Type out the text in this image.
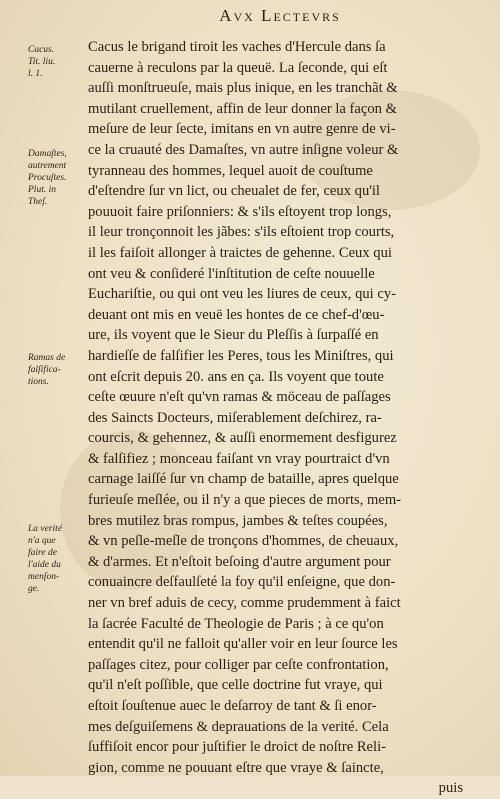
Avx Lectevrs
Cacus.
Tit. liu.
l. 1.
Damaſtes,
autrement
Procuſtes.
Plut. in
Theſ.
Ramas de
falſifica-
tions.
La verité
n'a que
faire de
l'aide du
menſon-
ge.
Cacus le brigand tiroit les vaches d'Hercule dans ſa
cauerne à reculons par la queuë. La ſeconde, qui eſt
auſſi monſtrueuſe, mais plus inique, en les tranchãt &
mutilant cruellement, affin de leur donner la façon &
meſure de leur ſecte, imitans en vn autre genre de vi-
ce la cruauté des Damaſtes, vn autre inſigne voleur &
tyranneau des hommes, lequel auoit de couſtume
d'eſtendre ſur vn lict, ou cheualet de fer, ceux qu'il
pouuoit faire priſonniers: & s'ils eſtoyent trop longs,
il leur tronçonnoit les jãbes: s'ils eſtoient trop courts,
il les faiſoit allonger à traictes de gehenne. Ceux qui
ont veu & conſideré l'inſtitution de ceſte nouuelle
Euchariſtie, ou qui ont veu les liures de ceux, qui cy-
deuant ont mis en veuë les hontes de ce chef-d'œu-
ure, ils voyent que le Sieur du Pleſſis à ſurpaſſé en
hardieſſe de falſifier les Peres, tous les Miniſtres, qui
ont eſcrit depuis 20. ans en ça. Ils voyent que toute
ceſte œuure n'eſt qu'vn ramas & möceau de paſſages
des Saincts Docteurs, miſerablement deſchirez, ra-
courcis, & gehennez, & auſſi enormement desfigurez
& falſifiez ; monceau faiſant vn vray pourtraict d'vn
carnage laiſſé ſur vn champ de bataille, apres quelque
furieuſe meſlée, ou il n'y a que pieces de morts, mem-
bres mutilez bras rompus, jambes & teſtes coupées,
& vn peſle-meſle de tronçons d'hommes, de cheuaux,
& d'armes. Et n'eſtoit beſoing d'autre argument pour
conuaincre deſfaulſeté la foy qu'il enſeigne, que don-
ner vn bref aduis de cecy, comme prudemment à faict
la ſacrée Faculté de Theologie de Paris ; à ce qu'on
entendit qu'il ne falloit qu'aller voir en leur ſource les
paſſages citez, pour colliger par ceſte confrontation,
qu'il n'eſt poſſible, que celle doctrine fut vraye, qui
eſtoit ſouſtenue auec le deſarroy de tant & ſi enor-
mes deſguiſemens & deprauations de la verité. Cela
ſuffiſoit encor pour juſtifier le droict de noſtre Reli-
gion, comme ne pouuant eſtre que vraye & ſaincte,
puis
